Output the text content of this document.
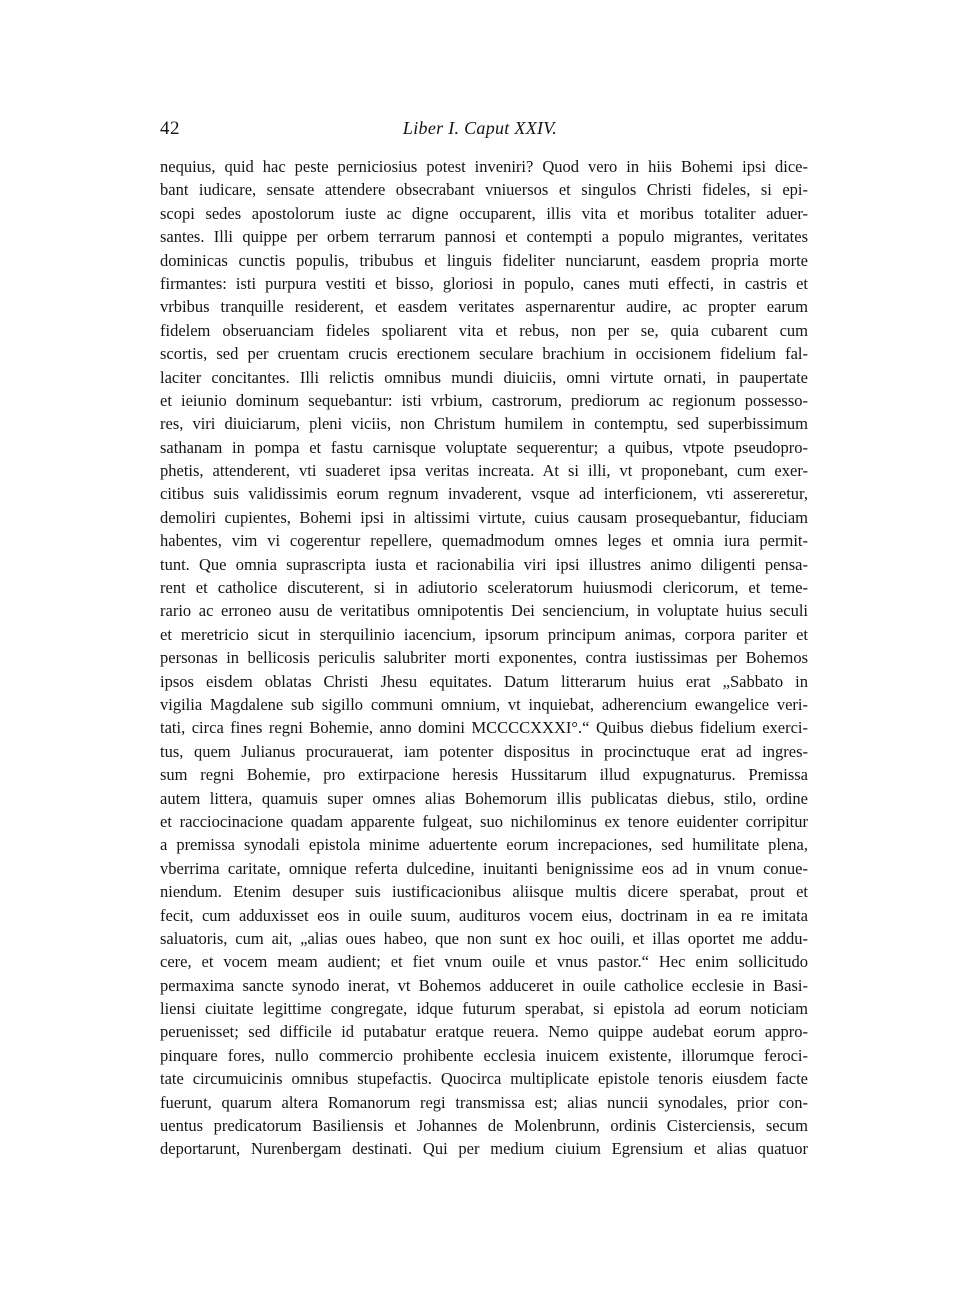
42	Liber I. Caput XXIV.
nequius, quid hac peste perniciosius potest inveniri? Quod vero in hiis Bohemi ipsi dice-
bant iudicare, sensate attendere obsecrabant vniuersos et singulos Christi fideles, si epi-
scopi sedes apostolorum iuste ac digne occuparent, illis vita et moribus totaliter aduer-
santes. Illi quippe per orbem terrarum pannosi et contempti a populo migrantes, veritates
dominicas cunctis populis, tribubus et linguis fideliter nunciarunt, easdem propria morte
firmantes: isti purpura vestiti et bisso, gloriosi in populo, canes muti effecti, in castris et
vrbibus tranquille residerent, et easdem veritates aspernarentur audire, ac propter earum
fidelem obseruanciam fideles spoliarent vita et rebus, non per se, quia cubarent cum
scortis, sed per cruentam crucis erectionem seculare brachium in occisionem fidelium fal-
laciter concitantes. Illi relictis omnibus mundi diuiciis, omni virtute ornati, in paupertate
et ieiunio dominum sequebantur: isti vrbium, castrorum, prediorum ac regionum possesso-
res, viri diuiciarum, pleni viciis, non Christum humilem in contemptu, sed superbissimum
sathanam in pompa et fastu carnisque voluptate sequerentur; a quibus, vtpote pseudopro-
phetis, attenderent, vti suaderet ipsa veritas increata. At si illi, vt proponebant, cum exer-
citibus suis validissimis eorum regnum invaderent, vsque ad interficionem, vti assereretur,
demoliri cupientes, Bohemi ipsi in altissimi virtute, cuius causam prosequebantur, fiduciam
habentes, vim vi cogerentur repellere, quemadmodum omnes leges et omnia iura permit-
tunt. Que omnia suprascripta iusta et racionabilia viri ipsi illustres animo diligenti pensa-
rent et catholice discuterent, si in adiutorio sceleratorum huiusmodi clericorum, et teme-
rario ac erroneo ausu de veritatibus omnipotentis Dei senciencium, in voluptate huius seculi
et meretricio sicut in sterquilinio iacencium, ipsorum principum animas, corpora pariter et
personas in bellicosis periculis salubriter morti exponentes, contra iustissimas per Bohemos
ipsos eisdem oblatas Christi Jhesu equitates. Datum litterarum huius erat „Sabbato in
vigilia Magdalene sub sigillo communi omnium, vt inquiebat, adherencium ewangelice veri-
tati, circa fines regni Bohemie, anno domini MCCCCXXXI°.“ Quibus diebus fidelium exerci-
tus, quem Julianus procurauerat, iam potenter dispositus in procinctuque erat ad ingres-
sum regni Bohemie, pro extirpacione heresis Hussitarum illud expugnaturus. Premissa
autem littera, quamuis super omnes alias Bohemorum illis publicatas diebus, stilo, ordine
et racciocinacione quadam apparente fulgeat, suo nichilominus ex tenore euidenter corripitur
a premissa synodali epistola minime aduertente eorum increpaciones, sed humilitate plena,
vberrima caritate, omnique referta dulcedine, inuitanti benignissime eos ad in vnum conue-
niendum. Etenim desuper suis iustificacionibus aliisque multis dicere sperabat, prout et
fecit, cum adduxisset eos in ouile suum, audituros vocem eius, doctrinam in ea re imitata
saluatoris, cum ait, „alias oues habeo, que non sunt ex hoc ouili, et illas oportet me addu-
cere, et vocem meam audient; et fiet vnum ouile et vnus pastor.“ Hec enim sollicitudo
permaxima sancte synodo inerat, vt Bohemos adduceret in ouile catholice ecclesie in Basi-
liensi ciuitate legittime congregate, idque futurum sperabat, si epistola ad eorum noticiam
peruenisset; sed difficile id putabatur eratque reuera. Nemo quippe audebat eorum appro-
pinquare fores, nullo commercio prohibente ecclesia inuicem existente, illorumque feroci-
tate circumuicinis omnibus stupefactis. Quocirca multiplicate epistole tenoris eiusdem facte
fuerunt, quarum altera Romanorum regi transmissa est; alias nuncii synodales, prior con-
uentus predicatorum Basiliensis et Johannes de Molenbrunn, ordinis Cisterciensis, secum
deportarunt, Nurenbergam destinati. Qui per medium ciuium Egrensium et alias quatuor
